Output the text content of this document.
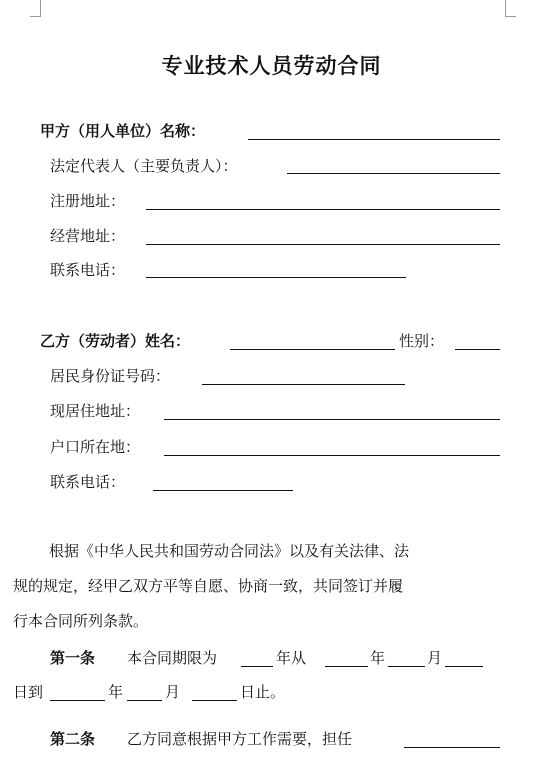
专业技术人员劳动合同
甲方（用人单位）名称：
法定代表人（主要负责人）：
注册地址：
经营地址：
联系电话：
乙方（劳动者）姓名：	性别：
居民身份证号码：
现居住地址：
户口所在地：
联系电话：
根据《中华人民共和国劳动合同法》以及有关法律、法
规的规定，经甲乙双方平等自愿、协商一致，共同签订并履
行本合同所列条款。
第一条 本合同期限为	年从	年	月
日到	年	月	日止。
第二条 乙方同意根据甲方工作需要，担任
